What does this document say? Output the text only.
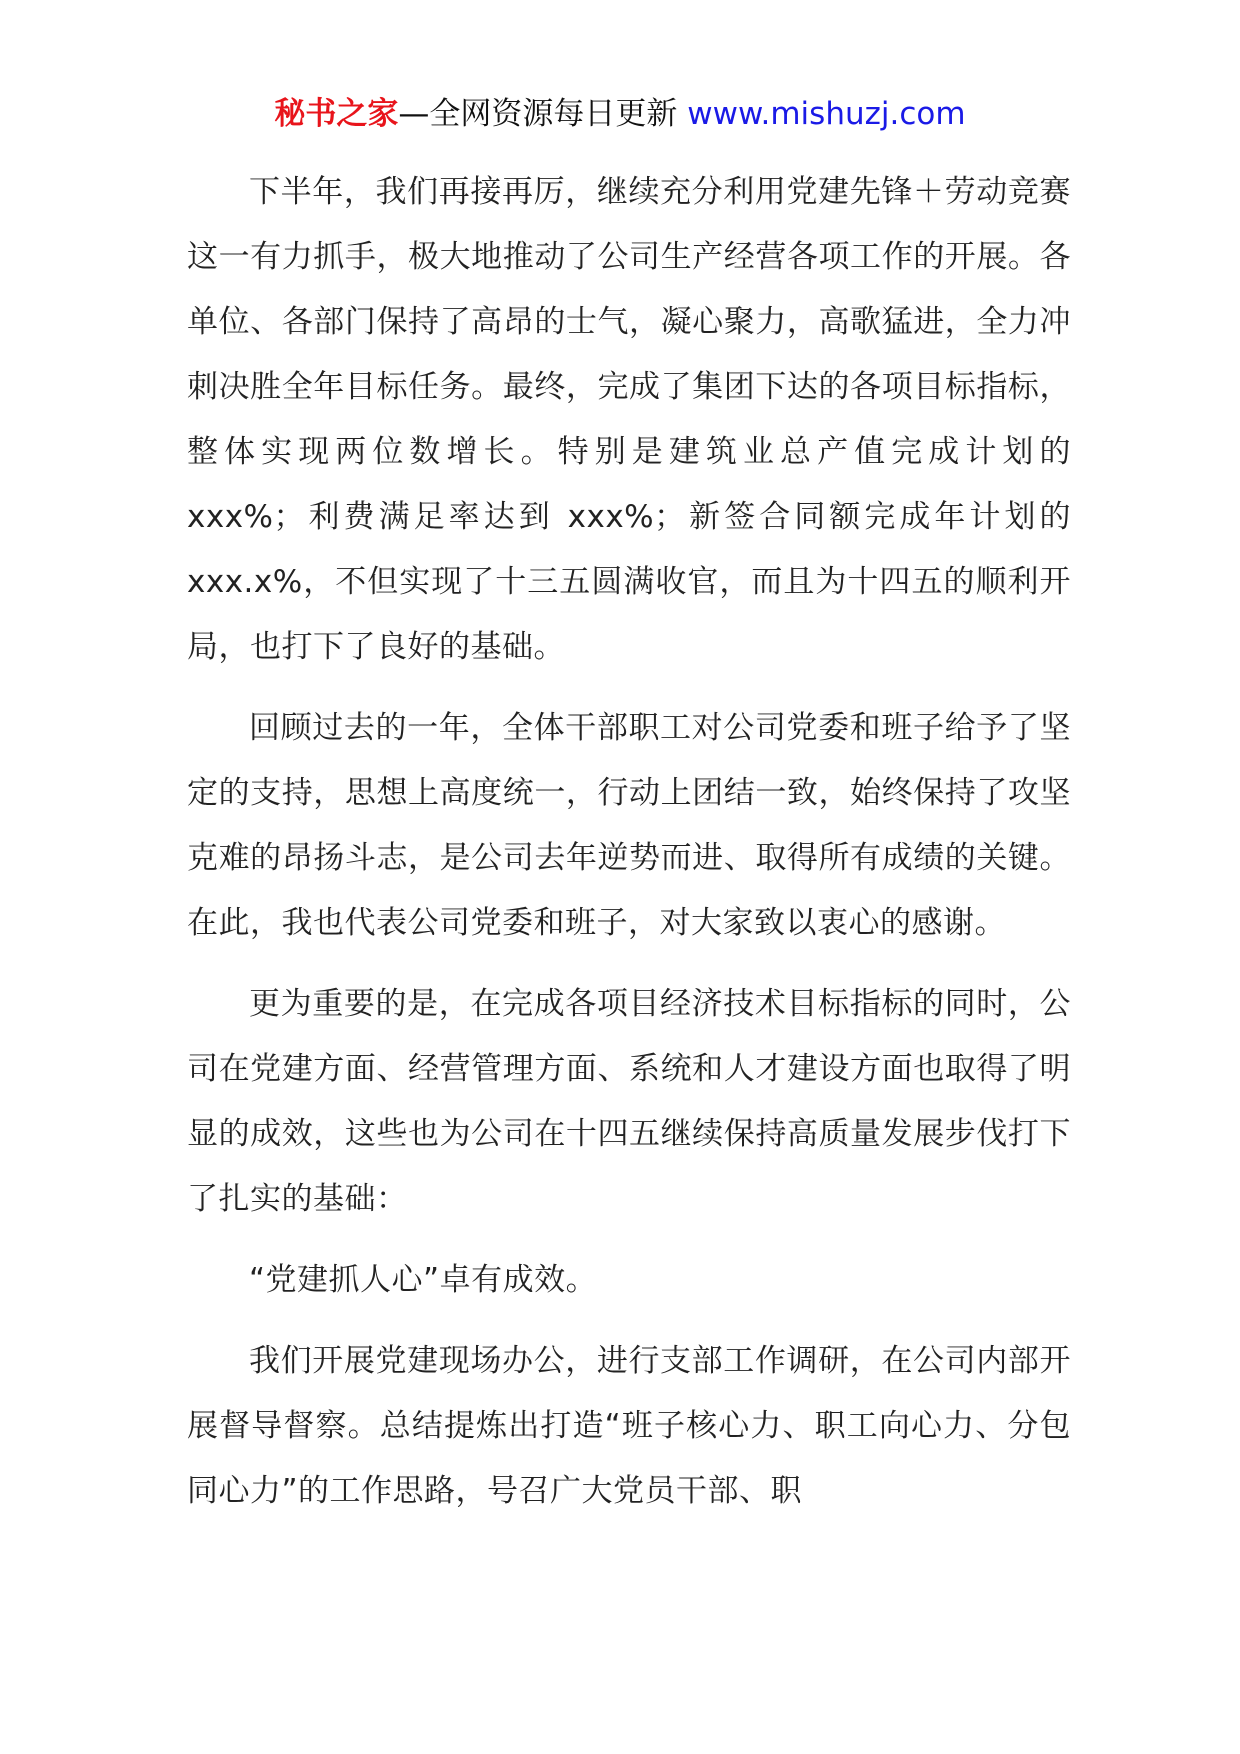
秘书之家—全网资源每日更新 www.mishuzj.com

下半年，我们再接再厉，继续充分利用党建先锋＋劳动竞赛这一有力抓手，极大地推动了公司生产经营各项工作的开展。各单位、各部门保持了高昂的士气，凝心聚力，高歌猛进，全力冲刺决胜全年目标任务。最终，完成了集团下达的各项目标指标，整体实现两位数增长。特别是建筑业总产值完成计划的 xxx%；利费满足率达到 xxx%；新签合同额完成年计划的 xxx.x%，不但实现了十三五圆满收官，而且为十四五的顺利开局，也打下了良好的基础。

回顾过去的一年，全体干部职工对公司党委和班子给予了坚定的支持，思想上高度统一，行动上团结一致，始终保持了攻坚克难的昂扬斗志，是公司去年逆势而进、取得所有成绩的关键。在此，我也代表公司党委和班子，对大家致以衷心的感谢。

更为重要的是，在完成各项目经济技术目标指标的同时，公司在党建方面、经营管理方面、系统和人才建设方面也取得了明显的成效，这些也为公司在十四五继续保持高质量发展步伐打下了扎实的基础：

“党建抓人心”卓有成效。

我们开展党建现场办公，进行支部工作调研，在公司内部开展督导督察。总结提炼出打造“班子核心力、职工向心力、分包同心力”的工作思路，号召广大党员干部、职
